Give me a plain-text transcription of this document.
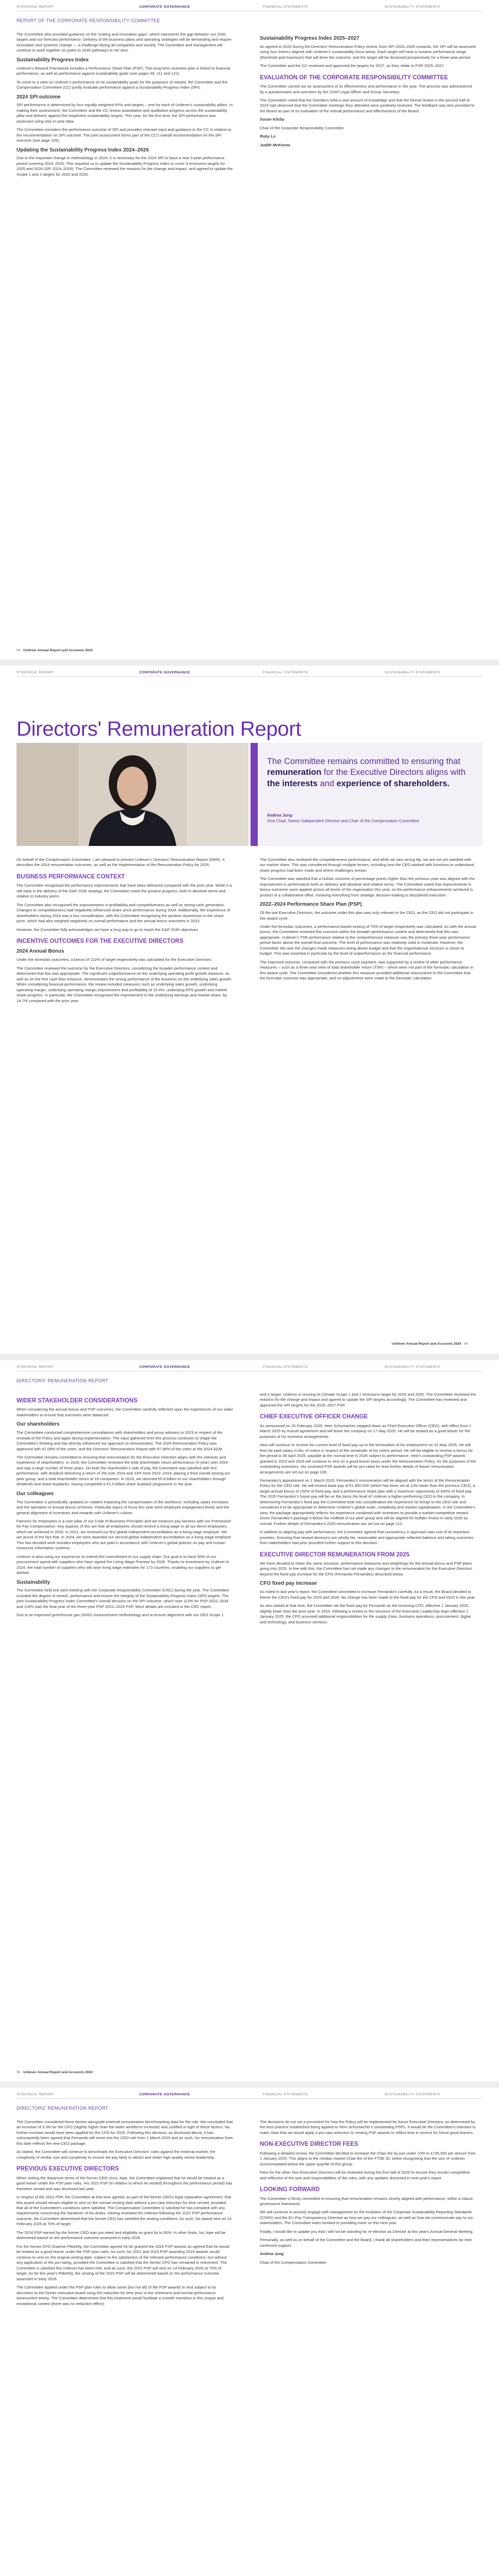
STRATEGIC REPORT	CORPORATE GOVERNANCE	FINANCIAL STATEMENTS	SUSTAINABILITY STATEMENTS
REPORT OF THE CORPORATE RESPONSIBILITY COMMITTEE

The Committee also provided guidance on the 'scaling and innovation gaps', which represents the gap between our 2030 targets and our forecast performance. Delivery of the business plans and operating strategies will be demanding and require innovation and systemic change — a challenge facing all companies and society. The Committee and management will continue to work together on paths to 2030 pathways to net zero.

Sustainability Progress Index

Unilever's Reward Framework includes a Performance Share Plan (PSP). This long-term incentive plan is linked to financial performance, as well as performance against sustainability goals (see pages 46, 111 and 122).

To come to a view on Unilever's performance on its sustainability goals for the purposes of reward, the Committee and the Compensation Committee (CC) jointly evaluate performance against a Sustainability Progress Index (SPI).

2024 SPI outcome

SPI performance is determined by four equally weighted KPIs and targets – one for each of Unilever's sustainability pillars. In making their assessment, the Committee and the CC review quantitative and qualitative progress across the sustainability pillar and delivery against the respective sustainability targets. This year, for the first time, the SPI performance was assessed using only in-year data.

The Committee considers the performance outcome of SPI and provides relevant input and guidance to the CC in relation to the recommendation on SPI outcome. The joint assessment forms part of the CC's overall recommendation on the SPI outcome (see page 105).

Updating the Sustainability Progress Index 2024–2026

Due to the important change in methodology in 2024, it is necessary for the 2024 SPI to have a new 3-year performance period covering 2024–2026. This required us to update the Sustainability Progress Index to cover 3 emissions targets for 2025 and 2026 (SPI 2024–2026). The Committee reviewed the reasons for the change and impact, and agreed to update the Scope 1 and 2 targets for 2025 and 2026.

Sustainability Progress Index 2025–2027

As agreed in 2023 during the Directors' Remuneration Policy review, from SPI 2024–2026 onwards, the SPI will be assessed using four metrics aligned with Unilever's sustainability focus areas. Each target will have a numeric performance range (threshold and maximum) that will drive the outcome, and the target will be disclosed prospectively for a three-year period.

The Committee and the CC reviewed and approved the targets for 2027, as they relate to PSP 2025–2027.

EVALUATION OF THE CORPORATE RESPONSIBILITY COMMITTEE

The Committee carried out an assessment of its effectiveness and performance in the year. The process was administered by a questionnaire and overseen by the Chief Legal Officer and Group Secretary.

The Committee noted that the members held a vast amount of knowledge and that the formal review in the second half of 2024 had observed that the Committee meetings they attended were positively received. The feedback was also provided to the Board as part of its evaluation of the overall performance and effectiveness of the Board.

Susan Kilsby

Chair of the Corporate Responsibility Committee

Ruby Lu

Judith McKenna

94 Unilever Annual Report and Accounts 2024
STRATEGIC REPORT	CORPORATE GOVERNANCE	FINANCIAL STATEMENTS	SUSTAINABILITY STATEMENTS
Directors' Remuneration Report
The Committee remains committed to ensuring that remuneration for the Executive Directors aligns with the interests and experience of shareholders.
Andrea Jung
Vice Chair, Senior Independent Director and Chair of the Compensation Committee

On behalf of the Compensation Committee, I am pleased to present Unilever's Directors' Remuneration Report (DRR). It describes the 2024 remuneration outcomes, as well as the implementation of the Remuneration Policy for 2025.

BUSINESS PERFORMANCE CONTEXT

The Committee recognised the performance improvements that have been delivered compared with the prior year. While it is still early in the delivery of the GAP 2030 strategy, the Committee noted the positive progress, both in absolute terms and relative to industry peers.

The Committee also recognised the improvements in profitability and competitiveness as well as strong cash generation. Changes to competitiveness had negatively influenced share price performance during 2024. Additionally, the experience of shareholders during 2024 was a key consideration, with the Committee recognising the positive momentum in the share price, which had also weighed negatively on overall performance and the annual bonus outcomes in 2023.

However, the Committee fully acknowledges we have a long way to go to reach the GAP 2030 objectives.

INCENTIVE OUTCOMES FOR THE EXECUTIVE DIRECTORS
2024 Annual Bonus

Under the formulaic outcomes, a bonus of 122% of target respectively was calculated for the Executive Directors.

The Committee reviewed the outcome for the Executive Directors, considering the broader performance context and determined that this was appropriate. The significant outperformance on the underlying operating profit growth measure, as well as on the free cash flow measure, demonstrates the strong performance of the business on the underlying sales growth. When considering financial performance, the review included measures such as underlying sales growth, underlying operating margin, underlying operating margin improvement and profitability of 15.4%, underlying EPS growth and market share progress. In particular, the Committee recognised the improvement in the underlying earnings and market share, by 14.7% compared with the prior year.

The Committee also reviewed the competitiveness performance, and while we saw strong Bp, we are not yet satisfied with our market share. This was considered through multiple lenses, including how the CEO worked with functions to understand share progress had been made and where challenges remain.

The Committee was satisfied that a holistic outcome of percentage points higher than the previous year was aligned with the improvement in performance both on delivery and absolute and relative terms. The Committee noted that improvements in bonus outcomes were applied across all levels of the organisation this year, so the performance enhancements achieved is product of a collaborative effort, involving everything from strategic decision-making to disciplined execution.

2022–2024 Performance Share Plan (PSP)

Of the two Executive Directors, the outcome under this plan was only relevant to the CEO, as the CEO did not participate in this award cycle.

Under the formulaic outcomes, a performance-based vesting of 70% of target respectively was calculated. As with the annual bonus, the Committee reviewed this outcome within the broader performance context and determined that this was appropriate. Unilever's TSR performance relative to the comprehensive measure was the primary three-year performance period factor above the overall final outcome. The level of performance was relatively solid to moderate. However, the Committee did note the changes made measures being above budget and that the organisational structure is closer to budget. This was essential in particular by the level of outperformance as the financial performance.

The improved outcome, compared with the previous cycle payment, was supported by a review of other performance measures – such as a three-year view of total shareholder return (TSR) – which were not part of the formulaic calculation in this award cycle. The Committee considered whether this measure provided additional reassurance to the Committee that the formulaic outcome was appropriate, and no adjustments were made to the formulaic calculation.

Unilever Annual Report and Accounts 2024 95
STRATEGIC REPORT	CORPORATE GOVERNANCE	FINANCIAL STATEMENTS	SUSTAINABILITY STATEMENTS
DIRECTORS' REMUNERATION REPORT
WIDER STAKEHOLDER CONSIDERATIONS

When considering the annual bonus and PSP outcomes, the Committee carefully reflected upon the experiences of our wider stakeholders to ensure that outcomes were balanced.

Our shareholders

The Committee conducted comprehensive consultations with shareholders and proxy advisers in 2023 in respect of the renewal of the Policy and again during implementation. The input gathered from this process continues to shape the Committee's thinking and has directly influenced our approach to remuneration. The 2024 Remuneration Policy was approved with 97.09% of the votes, and the Directors' Remuneration Report with 97.96% of the votes at the 2024 AGM.

The Committee remains committed to ensuring that remuneration for the Executive Directors aligns with the interests and experience of shareholders. In 2024, the Committee reviewed the total shareholder return performance (5-year) over 2024 and saw a large number of three years. On both the shareholder's side of pay, the Committee was satisfied with this performance, with dividend delivering a return of 3% over 2024 and 33% from 2022–2024, placing it third overall among our peer group, and a total shareholder return of 18 companies. In 2024, we returned €5.8 billion to our shareholders through dividends and share buybacks, having completed a €1.5 billion share buyback programme in the year.

Our colleagues

The Committee is periodically updated on matters impacting the compensation of the workforce, including salary increases and the operation of annual bonus schemes. Particular topics of focus this year were employee engagement levels and the general alignment of incentives and rewards with Unilever's culture.

Fairness for employees is a core pillar of our Code of Business Principles and we measure pay fairness with our Framework for Fair Compensation. Key aspects of this are that all employees should receive a living wage to all our direct employees, which we achieved in 2020. In 2021, we received our first global independent accreditation as a living wage employer. We are proud of the fact that, in 2024, we were awarded our second global independent accreditation as a living wage employer. This has decided work includes employees who are paid in accordance with Unilever's global policies on pay and human resources information systems.

Unilever is also using our experience to extend this commitment to our supply chain. Our goal is to have 50% of our procurement spend with suppliers who have signed the Living Wage Promise by 2026. Thanks to investment by Unilever in 2024, the total number of suppliers who will raise living wage estimates for 173 countries, enabling our suppliers to get started.

Sustainability

The Committee held one joint meeting with the Corporate Responsibility Committee (CRC) during the year. The Committee included the degree of stretch, performance and ensure the integrity of the Sustainability Progress Index (SPI) targets. The joint Sustainability Progress Index Committee's overall decision on the SPI outcome, which rose 113% for PSP 2022–2024 and 118% was the final year of the three-year PSP 2022–2024 PSP. More details are included in the CRC report.

Due to an improved greenhouse gas (GHG) measurement methodology and to ensure alignment with our GES Scope 1

and 2 target, Unilever is revising its Climate Scope 1 and 2 emissions target for 2025 and 2026. The Committee reviewed the reasons for the change and impact and agreed to update the SPI targets accordingly. The Committee has reviewed and approved the SPI targets for the 2025–2027 PSP.

CHIEF EXECUTIVE OFFICER CHANGE

As announced on 25 February 2025, Hein Schumacher stepped down as Chief Executive Officer (CEO), with effect from 1 March 2025 by mutual agreement and will leave the company on 17 May 2025. He will be treated as a good leaver for the purposes of his incentive arrangements.

Hein will continue to receive his current level of fixed pay up to the termination of his employment on 31 May 2025. He will then be paid salary in lieu of notice in respect of the remainder of his notice period. He will be eligible to receive a bonus for the period to 30 April 2025, payable at the normal time in 2026 subject to performance. Hein's outstanding PSP awards granted in 2023 and 2024 will continue to vest on a good-leaver basis under the Remuneration Policy, for the purposes of the outstanding incentives. His unvested PSP awards will be pro-rated for time further details of leaver remuneration arrangements are set out on page 199.

Fernandes's appointment on 1 March 2025, Fernandez's remuneration will be aligned with the terms of the Remuneration Policy for the CEO role. He will receive base pay of €1,850,000 (which has been set at 13% lower than the previous CEO), a target annual bonus of 150% of fixed pay, and a performance share plan with a maximum opportunity of 400% of fixed pay. The 2025 Fernandez's future pay will be on the basis the level of Unilever a higher-performing CEO to the company. In determining Fernandez's fixed pay the Committee took into consideration the experience he brings to the CEO role and considered it to be appropriate to determine Unilever's global scale, complexity and market capitalisation. In the Committee's view, the package appropriately reflects his experience combined with incentives to provide a market-competitive reward. Given Fernandez's package it below the midfield of our peer group and will be aligned for buffalo review in early 2026 as normal. Further details of Fernandez's 2025 remuneration are set out on page 112.

In addition to aligning pay with performance, the Committee agreed that consistency in approach was one of its important priorities. Ensuring that reward decisions are wholly fair, reasonable and appropriate reflected balance and taking outcomes from stakeholders had prior provided further support to this decision.

EXECUTIVE DIRECTOR REMUNERATION FROM 2025

We have decided to retain the same structure, performance measures and weightings for the annual bonus and PSP plans going into 2025. In line with this, the Committee has not made any changes to the remuneration for the Executive Directors beyond the fixed pay increase for the CFO (Fernando Fernandez) described below.

CFO fixed pay increase

As noted in last year's report, the Committee committed to increase Fernando's carefully. As a result, the Board decided to freeze the CEO's fixed pay for 2025 and 2026. No change has been made to the fixed pay for the CFO and CEO in this year.

As also stated at that time, the Committee set the fixed pay for Fernando as the incoming CFO, effective 1 January 2025, slightly lower than the prior year. In 2024, following a review to the structure of the Executive Leadership team effective 1 January 2025, the CFO assumed additional responsibilities for the supply chain, business operations, procurement, digital and technology, and business services.

96 Unilever Annual Report and Accounts 2024
STRATEGIC REPORT	CORPORATE GOVERNANCE	FINANCIAL STATEMENTS	SUSTAINABILITY STATEMENTS
DIRECTORS' REMUNERATION REPORT

The Committee considered these factors alongside external remuneration benchmarking data for the role. We concluded that an increase of 3.3% for the CFO (slightly higher than the wider workforce increase) was justified in light of these factors. No further increase would have been applied for the CFO for 2025. Following this decision, as disclosed above, it has subsequently been agreed that Fernando will move into the CEO role from 1 March 2025 and as such, his remuneration from this date reflects the new CEO package.

As stated, the Committee will continue to benchmark the Executive Directors' roles against the external market, the complexity of similar size and complexity to ensure we pay fairly to attract and retain high-quality senior leadership.

PREVIOUS EXECUTIVE DIRECTORS

When setting the departure terms of the former CEO Unco Jope, the Committee explained that he would be treated as a good leaver under the PSP plan rules. His 2021 PSP (in relation to which he vested) throughout the performance period) has therefore vested and was disclosed last year.

In respect of the 2022 PSP, the Committee at that time agreed, as part of the former CEO's legal separation agreement, that this award should remain eligible to vest on the normal vesting date without a pro-rata reduction for time served, provided that all of the Committee's conditions were satisfied. The Compensation Committee is satisfied he has complied with any requirements concerning the handover of his duties. Having reviewed the criterion following the 2022 PSP performance outcome, the Committee determined that the former CEO has satisfied the vesting conditions. As such, his award vest on 14 February 2025 at 70% of target.

The 2024 PSP earned by the former CEO was pro-rated and eligibility on grant by to 50%. In other limits, his Jope will be determined based on the performance outcome assessed in early 2026.

For the former CFO Graeme Pitkethly, the Committee agreed he be granted the 2024 PSP awards as agreed that he would be treated as a good leaver under the PSP plan rules. As such, his 2022 and 2023 PSP awarding 2019 awards would continue to vest on the original vesting date, subject to the satisfaction of the relevant performance conditions, but without any application of the pro-rating, provided the Committee is satisfied that the former CFO has remained in retirement. The Committee is satisfied this criterion has been met, and as such, the 2022 PSP will vest on 14 February 2025 at 70% of target. As for this year's Pitkethly, the vesting of the 2023 PSP will be determined based on the performance outcome assessed in early 2026.

The Committee applied under the PSP plan rules to allow some (but not all) of the PSP awards to vest subject to its discretion to the former executive board using the reduction for time prior to the retirement and normal performance assessment timing. The Committee determined that this treatment would facilitate a smooth transition in this unique and exceptional context (there was no reduction effect).

The decisions do not set a precedent for how the Policy will be implemented for future Executive Directors, as determined by the best practice established being applied to Hein Schumacher's outstanding PSPs. It would be the Committee's intention to make clear that we would apply a pro-rata reduction to vesting PSP awards to reflect time in service for future good leavers.

NON-EXECUTIVE DIRECTOR FEES

Following a detailed review, the Committee decided to increase the Chair fee by just under 10% to £735,500 per annum from 1 January 2025. This aligns to the median market Chair fee of the FTSE 30, whilst recognising that the size of Unilever accommodated below the upper quartile of this group.

Fees for the other Non-Executive Directors will be reviewed during the first half of 2025 to ensure they remain competitive and reflective of the size and responsibilities of the roles, with any updates disclosed in next year's report.

LOOKING FORWARD

The Committee is firmly committed to ensuring that remuneration remains closely aligned with performance, within a robust governance framework.

We will continue to actively engage with management on the evolution of the Corporate Sustainability Reporting Standards (CSRS) and the EU Pay Transparency Directive as how we pay our colleagues, as well as how we communicate pay to our stakeholders. The Committee looks forward to providing more on this next year.

Finally, I would like to update you that I will not be standing for re-election as Director at this year's Annual General Meeting.

Personally, as well as on behalf of the Committee and the Board, I thank all shareholders and their representatives for their continued support.

Andrea Jung

Chair of the Compensation Committee
